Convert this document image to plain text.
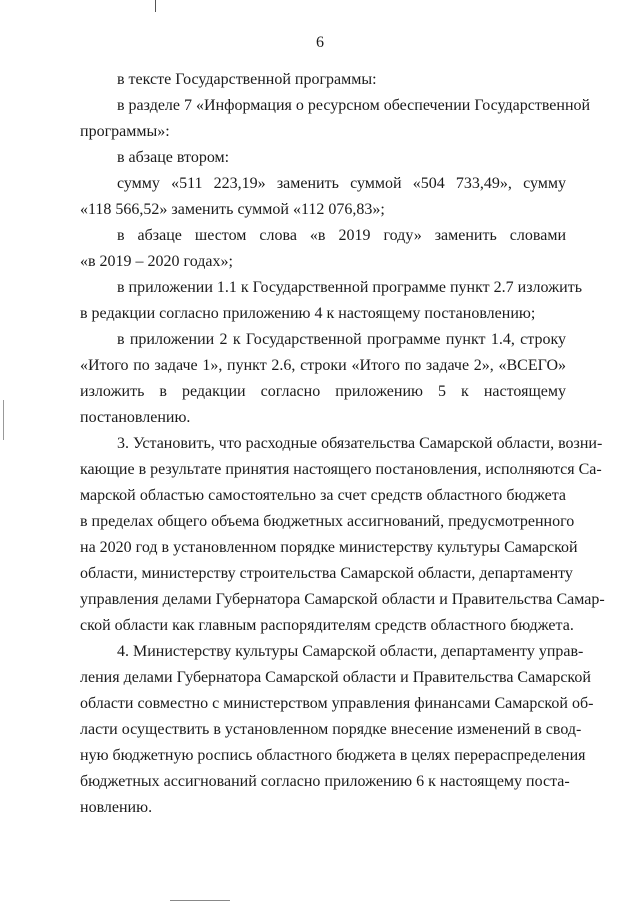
6
в тексте Государственной программы:
в разделе 7 «Информация о ресурсном обеспечении Государственной
программы»:
в абзаце втором:
сумму «511 223,19» заменить суммой «504 733,49», сумму
«118 566,52» заменить суммой «112 076,83»;
в абзаце шестом слова «в 2019 году» заменить словами
«в 2019 – 2020 годах»;
в приложении 1.1 к Государственной программе пункт 2.7 изложить
в редакции согласно приложению 4 к настоящему постановлению;
в приложении 2 к Государственной программе пункт 1.4, строку
«Итого по задаче 1», пункт 2.6, строки «Итого по задаче 2», «ВСЕГО»
изложить в редакции согласно приложению 5 к настоящему
постановлению.
3. Установить, что расходные обязательства Самарской области, возни-
кающие в результате принятия настоящего постановления, исполняются Са-
марской областью самостоятельно за счет средств областного бюджета
в пределах общего объема бюджетных ассигнований, предусмотренного
на 2020 год в установленном порядке министерству культуры Самарской
области, министерству строительства Самарской области, департаменту
управления делами Губернатора Самарской области и Правительства Самар-
ской области как главным распорядителям средств областного бюджета.
4. Министерству культуры Самарской области, департаменту управ-
ления делами Губернатора Самарской области и Правительства Самарской
области совместно с министерством управления финансами Самарской об-
ласти осуществить в установленном порядке внесение изменений в свод-
ную бюджетную роспись областного бюджета в целях перераспределения
бюджетных ассигнований согласно приложению 6 к настоящему поста-
новлению.
